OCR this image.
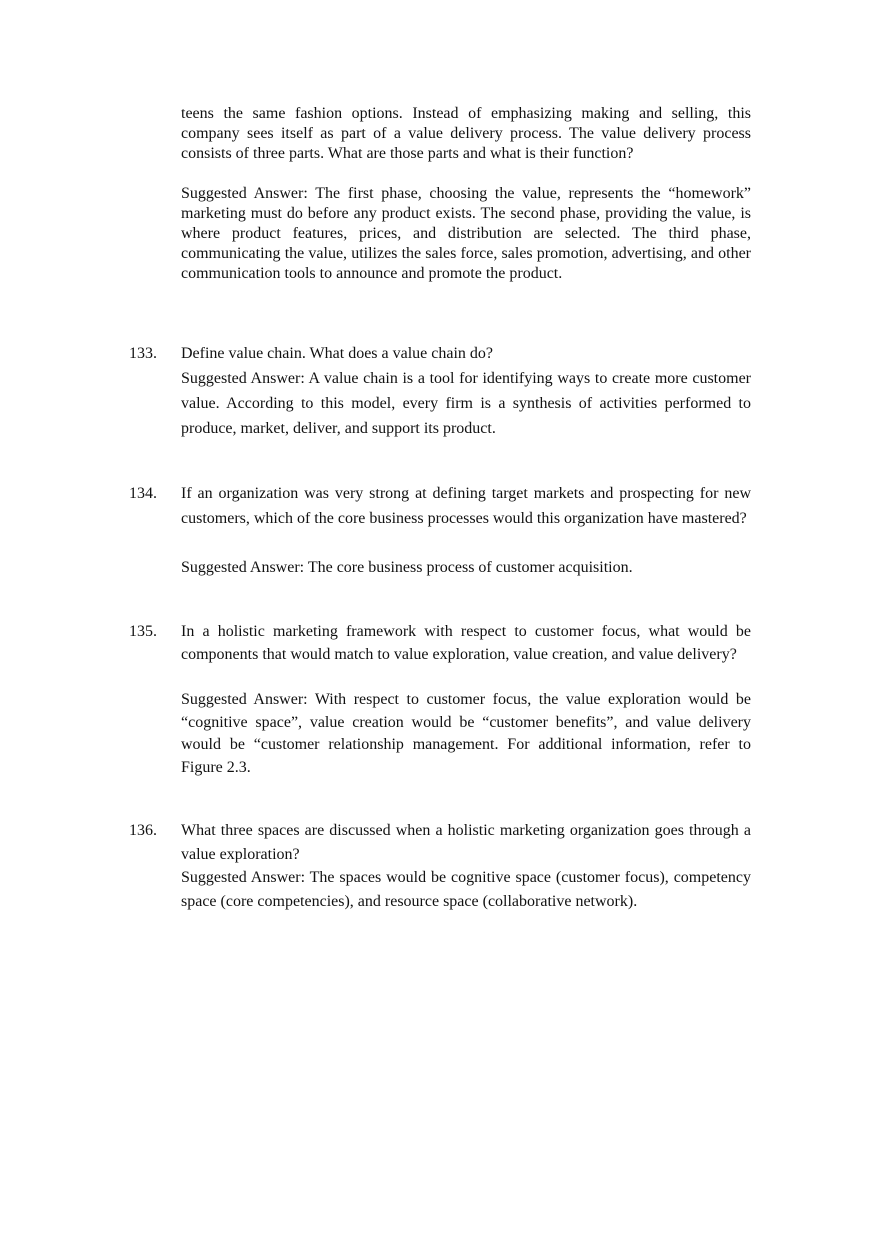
teens the same fashion options. Instead of emphasizing making and selling, this company sees itself as part of a value delivery process. The value delivery process consists of three parts. What are those parts and what is their function?

Suggested Answer: The first phase, choosing the value, represents the “homework” marketing must do before any product exists. The second phase, providing the value, is where product features, prices, and distribution are selected. The third phase, communicating the value, utilizes the sales force, sales promotion, advertising, and other communication tools to announce and promote the product.

133. Define value chain. What does a value chain do?

Suggested Answer: A value chain is a tool for identifying ways to create more customer value. According to this model, every firm is a synthesis of activities performed to produce, market, deliver, and support its product.

134. If an organization was very strong at defining target markets and prospecting for new customers, which of the core business processes would this organization have mastered?

Suggested Answer: The core business process of customer acquisition.

135. In a holistic marketing framework with respect to customer focus, what would be components that would match to value exploration, value creation, and value delivery?

Suggested Answer: With respect to customer focus, the value exploration would be “cognitive space”, value creation would be “customer benefits”, and value delivery would be “customer relationship management. For additional information, refer to Figure 2.3.

136. What three spaces are discussed when a holistic marketing organization goes through a value exploration?

Suggested Answer: The spaces would be cognitive space (customer focus), competency space (core competencies), and resource space (collaborative network).
